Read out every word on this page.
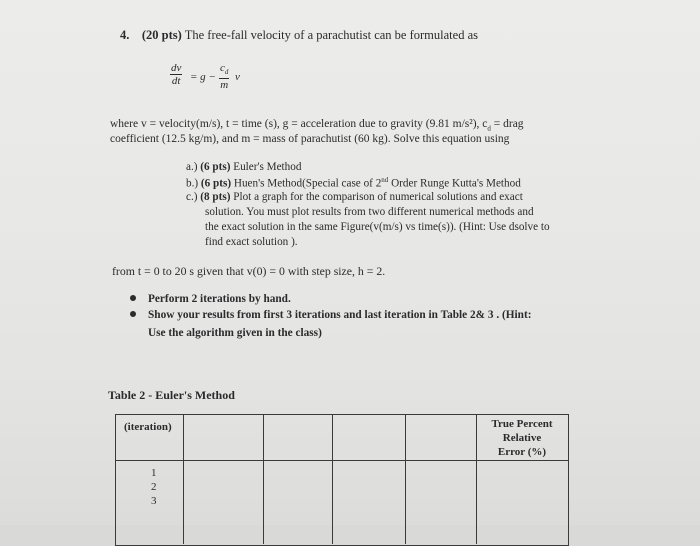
4. (20 pts) The free-fall velocity of a parachutist can be formulated as
$\frac{dv}{dt} = g - \frac{c_d}{m}$ v
where v = velocity(m/s), t = time (s), g = acceleration due to gravity (9.81 m/s²), $c_d$ = drag
coefficient (12.5 kg/m), and m = mass of parachutist (60 kg). Solve this equation using
a.) (6 pts) Euler's Method
b.) (6 pts) Huen's Method(Special case of 2nd Order Runge Kutta's Method
c.) (8 pts) Plot a graph for the comparison of numerical solutions and exact
solution. You must plot results from two different numerical methods and
the exact solution in the same Figure(v(m/s) vs time(s)). (Hint: Use dsolve to
find exact solution ).
from t = 0 to 20 s given that v(0) = 0 with step size, h = 2.
Perform 2 iterations by hand.
Show your results from first 3 iterations and last iteration in Table 2& 3 . (Hint:
Use the algorithm given in the class)
Table 2 - Euler's Method
(iteration)	True Percent
Relative
Error (%)
1
2
3
